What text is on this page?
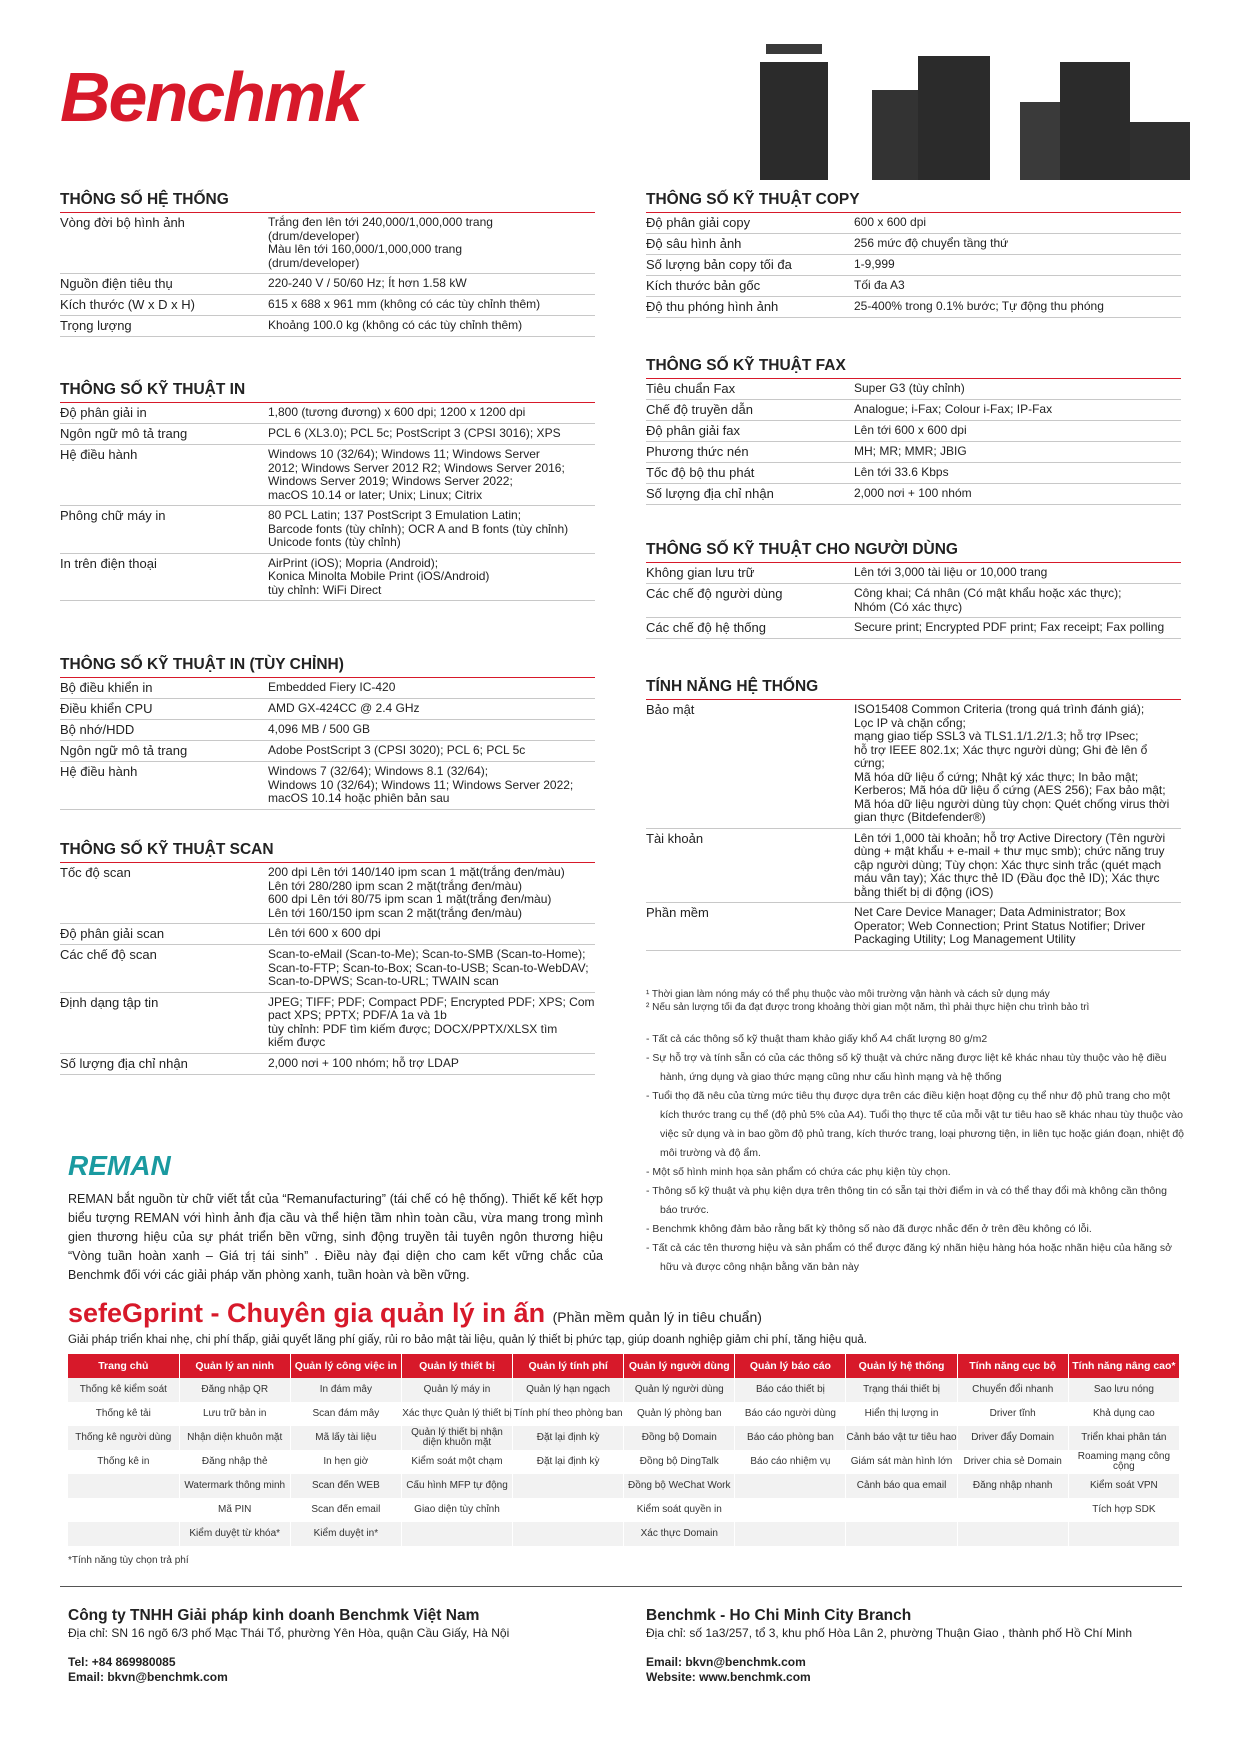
Benchmk
REMAN
REMAN bắt nguồn từ chữ viết tắt của “Remanufacturing” (tái chế có hệ thống). Thiết kế kết hợp biểu tượng REMAN với hình ảnh địa cầu và thể hiện tầm nhìn toàn cầu, vừa mang trong mình gien thương hiệu của sự phát triển bền vững, sinh động truyền tải tuyên ngôn thương hiệu “Vòng tuần hoàn xanh – Giá trị tái sinh” . Điều này đại diện cho cam kết vững chắc của Benchmk đối với các giải pháp văn phòng xanh, tuần hoàn và bền vững.
¹ Thời gian làm nóng máy có thể phụ thuộc vào môi trường vận hành và cách sử dụng máy
² Nếu sản lượng tối đa đạt được trong khoảng thời gian một năm, thì phải thực hiện chu trình bảo trì
- Tất cả các thông số kỹ thuật tham khảo giấy khổ A4 chất lượng 80 g/m2
- Sự hỗ trợ và tính sẵn có của các thông số kỹ thuật và chức năng được liệt kê khác nhau tùy thuộc vào hệ điều hành, ứng dụng và giao thức mạng cũng như cấu hình mạng và hệ thống
- Tuổi thọ đã nêu của từng mức tiêu thụ được dựa trên các điều kiện hoạt động cụ thể như độ phủ trang cho một kích thước trang cụ thể (độ phủ 5% của A4). Tuổi thọ thực tế của mỗi vật tư tiêu hao sẽ khác nhau tùy thuộc vào việc sử dụng và in bao gồm độ phủ trang, kích thước trang, loại phương tiện, in liên tục hoặc gián đoạn, nhiệt độ môi trường và độ ẩm.
- Một số hình minh họa sản phẩm có chứa các phụ kiện tùy chọn.
- Thông số kỹ thuật và phụ kiện dựa trên thông tin có sẵn tại thời điểm in và có thể thay đổi mà không cần thông báo trước.
- Benchmk không đảm bảo rằng bất kỳ thông số nào đã được nhắc đến ở trên đều không có lỗi.
- Tất cả các tên thương hiệu và sản phẩm có thể được đăng ký nhãn hiệu hàng hóa hoặc nhãn hiệu của hãng sở hữu và được công nhận bằng văn bản này
sefeGprint - Chuyên gia quản lý in ấn (Phần mềm quản lý in tiêu chuẩn)
Giải pháp triển khai nhẹ, chi phí thấp, giải quyết lãng phí giấy, rủi ro bảo mật tài liệu, quản lý thiết bị phức tạp, giúp doanh nghiệp giảm chi phí, tăng hiệu quả.
Trang chủ	Quản lý an ninh	Quản lý công việc in	Quản lý thiết bị	Quản lý tính phí	Quản lý người dùng	Quản lý báo cáo	Quản lý hệ thống	Tính năng cục bộ	Tính năng nâng cao*
Thống kê kiểm soát	Đăng nhập QR	In đám mây	Quản lý máy in	Quản lý hạn ngạch	Quản lý người dùng	Báo cáo thiết bị	Trạng thái thiết bị	Chuyển đổi nhanh	Sao lưu nóng
Thống kê tải	Lưu trữ bản in	Scan đám mây	Xác thực Quản lý thiết bị	Tính phí theo phòng ban	Quản lý phòng ban	Báo cáo người dùng	Hiển thị lượng in	Driver tĩnh	Khả dụng cao
Thống kê người dùng	Nhận diện khuôn mặt	Mã lấy tài liệu	Quản lý thiết bị nhận diện khuôn mặt	Đặt lại định kỳ	Đồng bộ Domain	Báo cáo phòng ban	Cảnh báo vật tư tiêu hao	Driver đẩy Domain	Triển khai phân tán
Thống kê in	Đăng nhập thẻ	In hẹn giờ	Kiểm soát một chạm	Đặt lại định kỳ	Đồng bộ DingTalk	Báo cáo nhiệm vụ	Giám sát màn hình lớn	Driver chia sẻ Domain	Roaming mạng công cộng
	Watermark thông minh	Scan đến WEB	Cấu hình MFP tự động		Đồng bộ WeChat Work		Cảnh báo qua email	Đăng nhập nhanh	Kiểm soát VPN
	Mã PIN	Scan đến email	Giao diện tùy chỉnh		Kiểm soát quyền in				Tích hợp SDK
	Kiểm duyệt từ khóa*	Kiểm duyệt in*			Xác thực Domain				
*Tính năng tùy chọn trả phí
Công ty TNHH Giải pháp kinh doanh Benchmk Việt Nam
Địa chỉ: SN 16 ngõ 6/3 phố Mạc Thái Tổ, phường Yên Hòa, quận Cầu Giấy, Hà Nội
Tel: +84 869980085
Email: bkvn@benchmk.com
Benchmk - Ho Chi Minh City Branch
Địa chỉ: số 1a3/257, tổ 3, khu phố Hòa Lân 2, phường Thuận Giao , thành phố Hồ Chí Minh
Email: bkvn@benchmk.com
Website: www.benchmk.com
THÔNG SỐ HỆ THỐNG
Vòng đời bộ hình ảnh	Trắng đen lên tới 240,000/1,000,000 trang
(drum/developer)
Màu lên tới 160,000/1,000,000 trang
(drum/developer)
Nguồn điện tiêu thụ	220-240 V / 50/60 Hz; Ít hơn 1.58 kW
Kích thước (W x D x H)	615 x 688 x 961 mm (không có các tùy chỉnh thêm)
Trọng lượng	Khoảng 100.0 kg (không có các tùy chỉnh thêm)
THÔNG SỐ KỸ THUẬT IN
Độ phân giải in	1,800 (tương đương) x 600 dpi; 1200 x 1200 dpi
Ngôn ngữ mô tả trang	PCL 6 (XL3.0); PCL 5c; PostScript 3 (CPSI 3016); XPS
Hệ điều hành	Windows 10 (32/64); Windows 11; Windows Server
2012; Windows Server 2012 R2; Windows Server 2016;
Windows Server 2019; Windows Server 2022;
macOS 10.14 or later; Unix; Linux; Citrix
Phông chữ máy in	80 PCL Latin; 137 PostScript 3 Emulation Latin;
Barcode fonts (tùy chỉnh); OCR A and B fonts (tùy chỉnh)
Unicode fonts (tùy chỉnh)
In trên điện thoại	AirPrint (iOS); Mopria (Android);
Konica Minolta Mobile Print (iOS/Android)
tùy chỉnh: WiFi Direct
THÔNG SỐ KỸ THUẬT IN (TÙY CHỈNH)
Bộ điều khiển in	Embedded Fiery IC-420
Điều khiển CPU	AMD GX-424CC @ 2.4 GHz
Bộ nhớ/HDD	4,096 MB / 500 GB
Ngôn ngữ mô tả trang	Adobe PostScript 3 (CPSI 3020); PCL 6; PCL 5c
Hệ điều hành	Windows 7 (32/64); Windows 8.1 (32/64);
Windows 10 (32/64); Windows 11; Windows Server 2022;
macOS 10.14 hoặc phiên bản sau
THÔNG SỐ KỸ THUẬT SCAN
Tốc độ scan	200 dpi Lên tới 140/140 ipm scan 1 mặt(trắng đen/màu)
Lên tới 280/280 ipm scan 2 mặt(trắng đen/màu)
600 dpi Lên tới 80/75 ipm scan 1 mặt(trắng đen/màu)
Lên tới 160/150 ipm scan 2 mặt(trắng đen/màu)
Độ phân giải scan	Lên tới 600 x 600 dpi
Các chế độ scan	Scan-to-eMail (Scan-to-Me); Scan-to-SMB (Scan-to-Home);
Scan-to-FTP; Scan-to-Box; Scan-to-USB; Scan-to-WebDAV;
Scan-to-DPWS; Scan-to-URL; TWAIN scan
Định dạng tập tin	JPEG; TIFF; PDF; Compact PDF; Encrypted PDF; XPS; Com
pact XPS; PPTX; PDF/A 1a và 1b
tùy chỉnh: PDF tìm kiếm được; DOCX/PPTX/XLSX tìm
kiếm được
Số lượng địa chỉ nhận	2,000 nơi + 100 nhóm; hỗ trợ LDAP
THÔNG SỐ KỸ THUẬT COPY
Độ phân giải copy	600 x 600 dpi
Độ sâu hình ảnh	256 mức độ chuyển tầng thứ
Số lượng bản copy tối đa	1-9,999
Kích thước bản gốc	Tối đa A3
Độ thu phóng hình ảnh	25-400% trong 0.1% bước; Tự động thu phóng
THÔNG SỐ KỸ THUẬT FAX
Tiêu chuẩn Fax	Super G3 (tùy chỉnh)
Chế độ truyền dẫn	Analogue; i-Fax; Colour i-Fax; IP-Fax
Độ phân giải fax	Lên tới 600 x 600 dpi
Phương thức nén	MH; MR; MMR; JBIG
Tốc độ bộ thu phát	Lên tới 33.6 Kbps
Số lượng địa chỉ nhận	2,000 nơi + 100 nhóm
THÔNG SỐ KỸ THUẬT CHO NGƯỜI DÙNG
Không gian lưu trữ	Lên tới 3,000 tài liệu or 10,000 trang
Các chế độ người dùng	Công khai; Cá nhân (Có mật khẩu hoặc xác thực);
Nhóm (Có xác thực)
Các chế độ hệ thống	Secure print; Encrypted PDF print; Fax receipt; Fax polling
TÍNH NĂNG HỆ THỐNG
Bảo mật	ISO15408 Common Criteria (trong quá trình đánh giá);
Lọc IP và chặn cổng;
mạng giao tiếp SSL3 và TLS1.1/1.2/1.3; hỗ trợ IPsec;
hỗ trợ IEEE 802.1x; Xác thực người dùng; Ghi đè lên ổ cứng;
Mã hóa dữ liệu ổ cứng; Nhật ký xác thực; In bảo mật;
Kerberos; Mã hóa dữ liệu ổ cứng (AES 256); Fax bảo mật;
Mã hóa dữ liệu người dùng tùy chọn: Quét chống virus thời
gian thực (Bitdefender®)
Tài khoản	Lên tới 1,000 tài khoản; hỗ trợ Active Directory (Tên người
dùng + mật khẩu + e-mail + thư mục smb); chức năng truy
cập người dùng; Tùy chọn: Xác thực sinh trắc (quét mạch
máu vân tay); Xác thực thẻ ID (Đầu đọc thẻ ID); Xác thực
bằng thiết bị di động (iOS)
Phần mềm	Net Care Device Manager; Data Administrator; Box
Operator; Web Connection; Print Status Notifier; Driver
Packaging Utility; Log Management Utility
